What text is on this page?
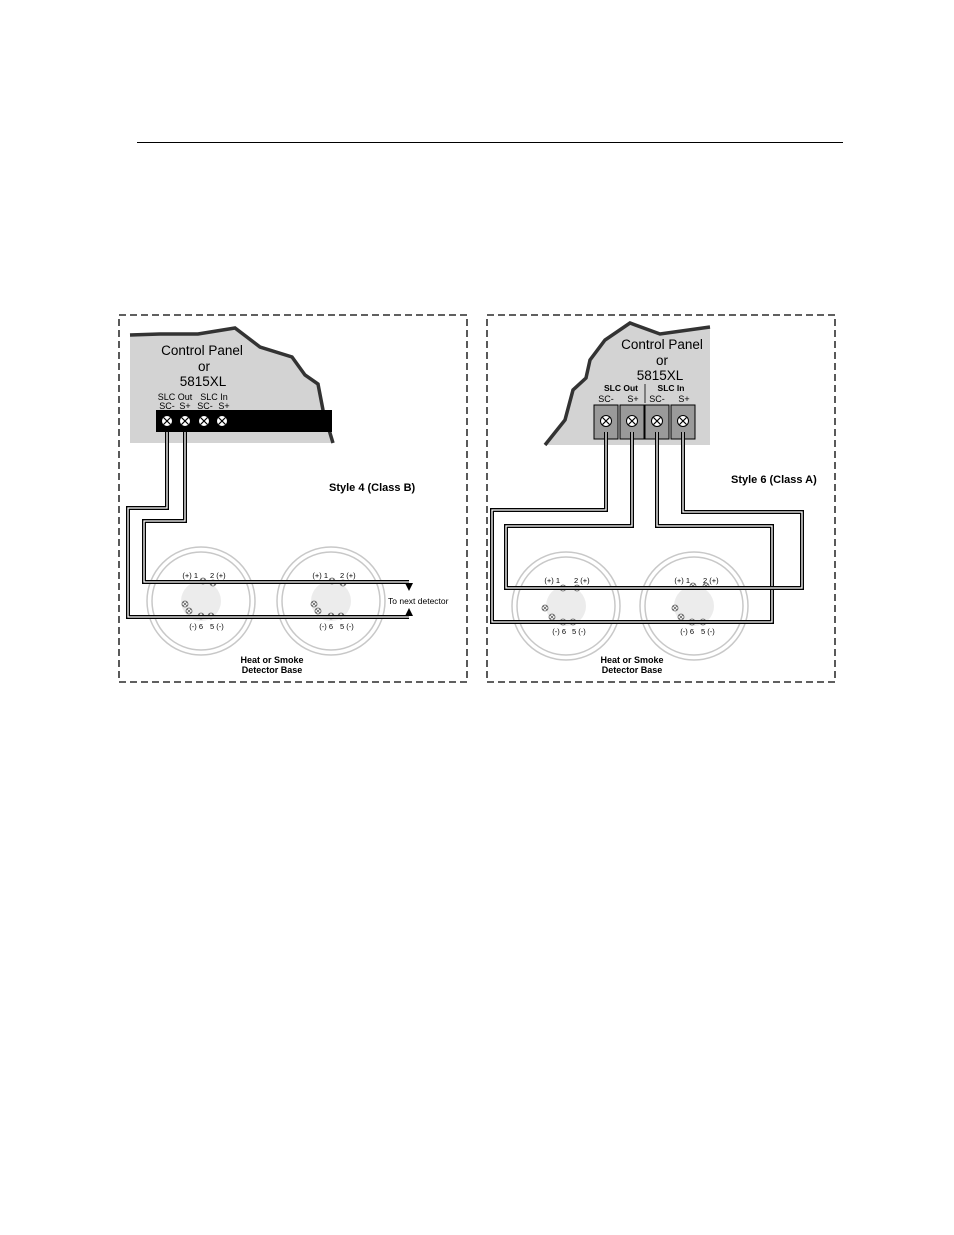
Control Panel
or
5815XL
SLC Out SLC In
SC- S+ SC- S+
(+) 1 2 (+)
(-) 6 5 (-)
(+) 1 2 (+)
(-) 6 5 (-)
Style 4 (Class B)
To next detector
Heat or Smoke
Detector Base
Control Panel
or
5815XL
SLC Out SLC In
SC- S+ SC- S+
(+) 1 2 (+)
(-) 6 5 (-)
(+) 1 2 (+)
(-) 6 5 (-)
Style 6 (Class A)
Heat or Smoke
Detector Base
